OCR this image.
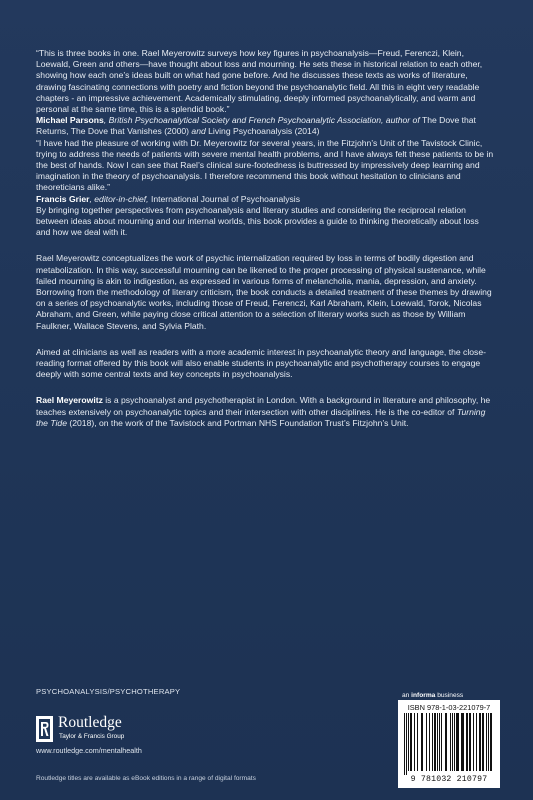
“This is three books in one. Rael Meyerowitz surveys how key figures in psychoanalysis—Freud, Ferenczi, Klein, Loewald, Green and others—have thought about loss and mourning. He sets these in historical relation to each other, showing how each one’s ideas built on what had gone before. And he discusses these texts as works of literature, drawing fascinating connections with poetry and fiction beyond the psychoanalytic field. All this in eight very readable chapters - an impressive achievement. Academically stimulating, deeply informed psychoanalytically, and warm and personal at the same time, this is a splendid book.”

Michael Parsons, British Psychoanalytical Society and French Psychoanalytic Association, author of The Dove that Returns, The Dove that Vanishes (2000) and Living Psychoanalysis (2014)

“I have had the pleasure of working with Dr. Meyerowitz for several years, in the Fitzjohn’s Unit of the Tavistock Clinic, trying to address the needs of patients with severe mental health problems, and I have always felt these patients to be in the best of hands. Now I can see that Rael’s clinical sure-footedness is buttressed by impressively deep learning and imagination in the theory of psychoanalysis. I therefore recommend this book without hesitation to clinicians and theoreticians alike.”

Francis Grier, editor-in-chief, International Journal of Psychoanalysis

By bringing together perspectives from psychoanalysis and literary studies and considering the reciprocal relation between ideas about mourning and our internal worlds, this book provides a guide to thinking theoretically about loss and how we deal with it.

Rael Meyerowitz conceptualizes the work of psychic internalization required by loss in terms of bodily digestion and metabolization. In this way, successful mourning can be likened to the proper processing of physical sustenance, while failed mourning is akin to indigestion, as expressed in various forms of melancholia, mania, depression, and anxiety. Borrowing from the methodology of literary criticism, the book conducts a detailed treatment of these themes by drawing on a series of psychoanalytic works, including those of Freud, Ferenczi, Karl Abraham, Klein, Loewald, Torok, Nicolas Abraham, and Green, while paying close critical attention to a selection of literary works such as those by William Faulkner, Wallace Stevens, and Sylvia Plath.

Aimed at clinicians as well as readers with a more academic interest in psychoanalytic theory and language, the close-reading format offered by this book will also enable students in psychoanalytic and psychotherapy courses to engage deeply with some central texts and key concepts in psychoanalysis.

Rael Meyerowitz is a psychoanalyst and psychotherapist in London. With a background in literature and philosophy, he teaches extensively on psychoanalytic topics and their intersection with other disciplines. He is the co-editor of Turning the Tide (2018), on the work of the Tavistock and Portman NHS Foundation Trust’s Fitzjohn’s Unit.

PSYCHOANALYSIS/PSYCHOTHERAPY
Routledge
Taylor & Francis Group
www.routledge.com/mentalhealth
an informa business
ISBN 978-1-03-221079-7
9 781032 210797
Routledge titles are available as eBook editions in a range of digital formats
